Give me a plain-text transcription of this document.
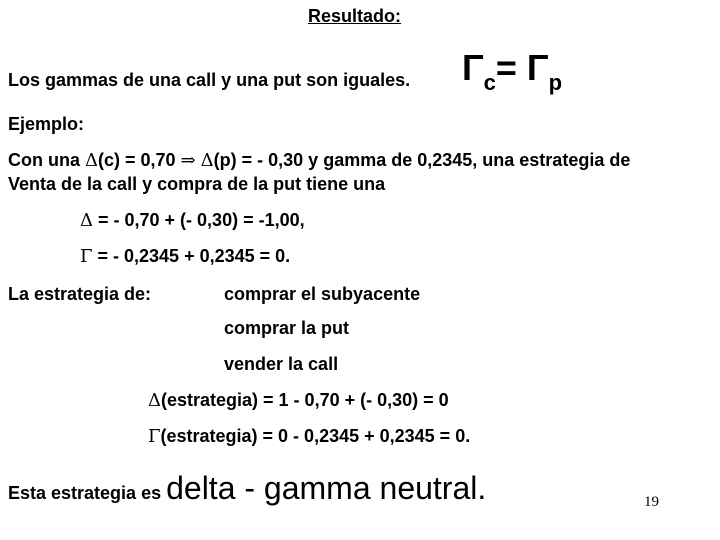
Resultado:
Los gammas de una call y una put son iguales. $\Gamma_c= \Gamma_p$
Ejemplo:
Con una Δ(c) = 0,70 ⇒ Δ(p) = - 0,30 y gamma de 0,2345, una estrategia de
Venta de la call y compra de la put tiene una
Δ = - 0,70 + (- 0,30) = -1,00,
Γ = - 0,2345 + 0,2345 = 0.
La estrategia de:	comprar el subyacente
comprar la put
vender la call
Δ(estrategia) = 1 - 0,70 + (- 0,30) = 0
Γ(estrategia) = 0 - 0,2345 + 0,2345 = 0.
Esta estrategia es delta - gamma neutral.	19
